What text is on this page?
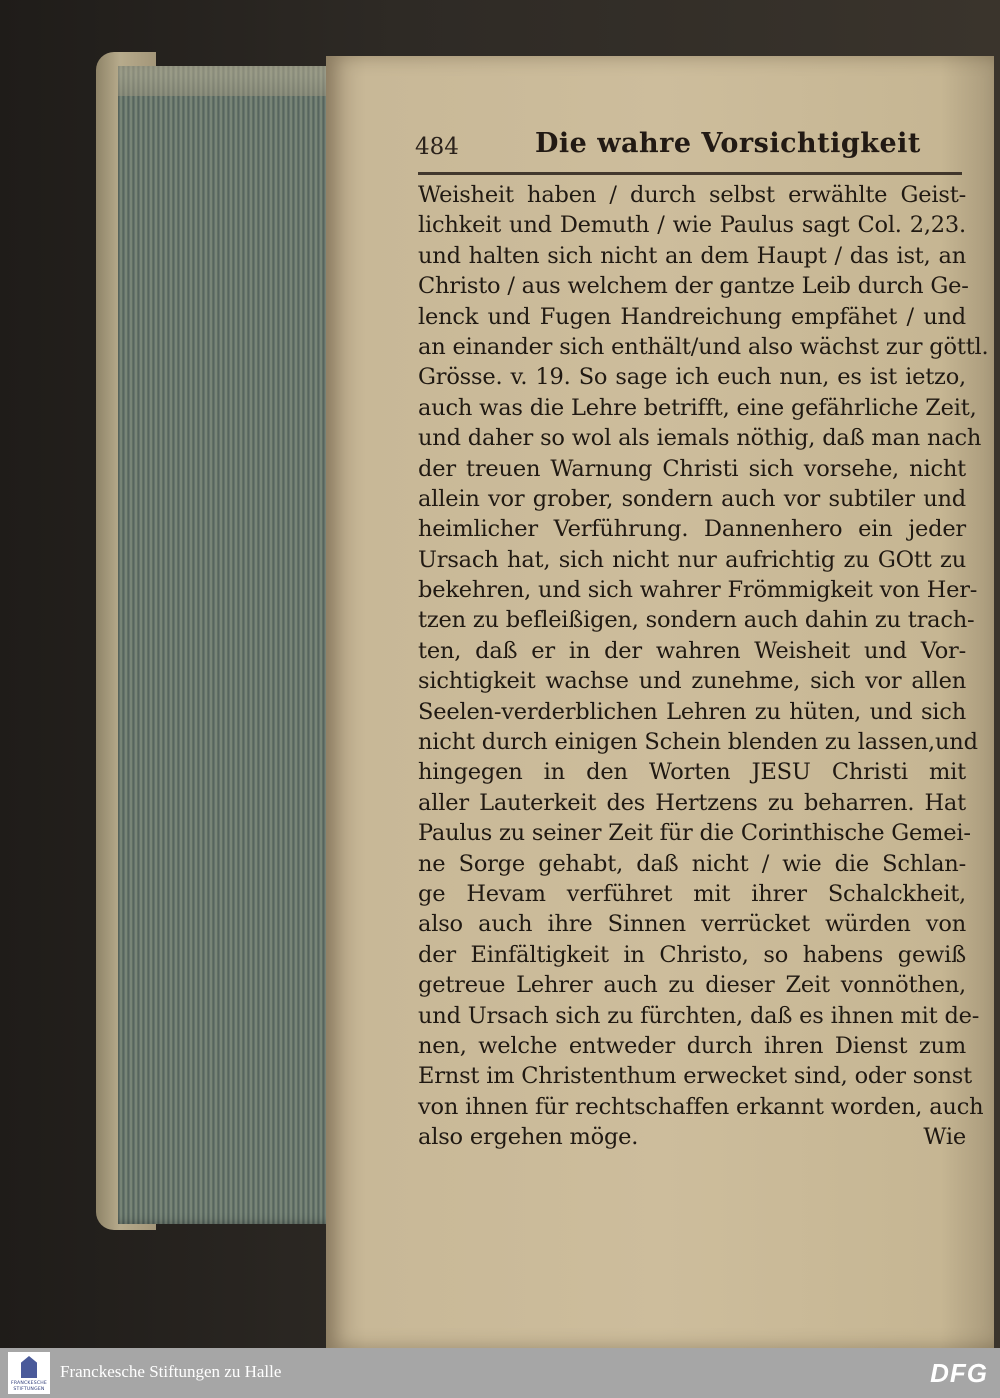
484	Die wahre Vorsichtigkeit
Weisheit haben / durch selbst erwählte Geist-
lichkeit und Demuth / wie Paulus sagt Col. 2,23.
und halten sich nicht an dem Haupt / das ist, an
Christo / aus welchem der gantze Leib durch Ge-
lenck und Fugen Handreichung empfähet / und
an einander sich enthält/und also wächst zur göttl.
Grösse. v. 19. So sage ich euch nun, es ist ietzo,
auch was die Lehre betrifft, eine gefährliche Zeit,
und daher so wol als iemals nöthig, daß man nach
der treuen Warnung Christi sich vorsehe, nicht
allein vor grober, sondern auch vor subtiler und
heimlicher Verführung. Dannenhero ein jeder
Ursach hat, sich nicht nur aufrichtig zu GOtt zu
bekehren, und sich wahrer Frömmigkeit von Her-
tzen zu befleißigen, sondern auch dahin zu trach-
ten, daß er in der wahren Weisheit und Vor-
sichtigkeit wachse und zunehme, sich vor allen
Seelen-verderblichen Lehren zu hüten, und sich
nicht durch einigen Schein blenden zu lassen,und
hingegen in den Worten JESU Christi mit
aller Lauterkeit des Hertzens zu beharren. Hat
Paulus zu seiner Zeit für die Corinthische Gemei-
ne Sorge gehabt, daß nicht / wie die Schlan-
ge Hevam verführet mit ihrer Schalckheit,
also auch ihre Sinnen verrücket würden von
der Einfältigkeit in Christo, so habens gewiß
getreue Lehrer auch zu dieser Zeit vonnöthen,
und Ursach sich zu fürchten, daß es ihnen mit de-
nen, welche entweder durch ihren Dienst zum
Ernst im Christenthum erwecket sind, oder sonst
von ihnen für rechtschaffen erkannt worden, auch
also ergehen möge.	Wie
FRANCKESCHE
STIFTUNGEN
Franckesche Stiftungen zu Halle	DFG
